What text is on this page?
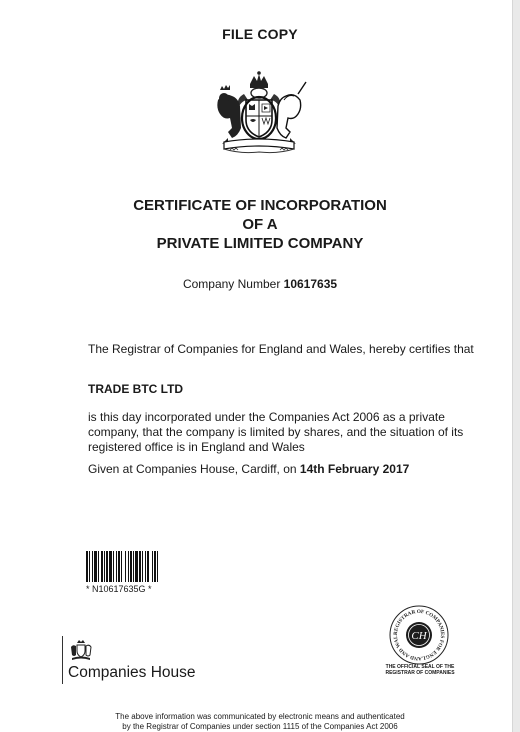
FILE COPY
CERTIFICATE OF INCORPORATION
OF A
PRIVATE LIMITED COMPANY
Company Number 10617635
The Registrar of Companies for England and Wales, hereby certifies that
TRADE BTC LTD
is this day incorporated under the Companies Act 2006 as a private company, that the company is limited by shares, and the situation of its registered office is in England and Wales
Given at Companies House, Cardiff, on 14th February 2017
* N10617635G *
Companies House
REGISTRAR OF COMPANIES FOR ENGLAND AND WAL	CH
THE OFFICIAL SEAL OF THE
REGISTRAR OF COMPANIES
The above information was communicated by electronic means and authenticated
by the Registrar of Companies under section 1115 of the Companies Act 2006
